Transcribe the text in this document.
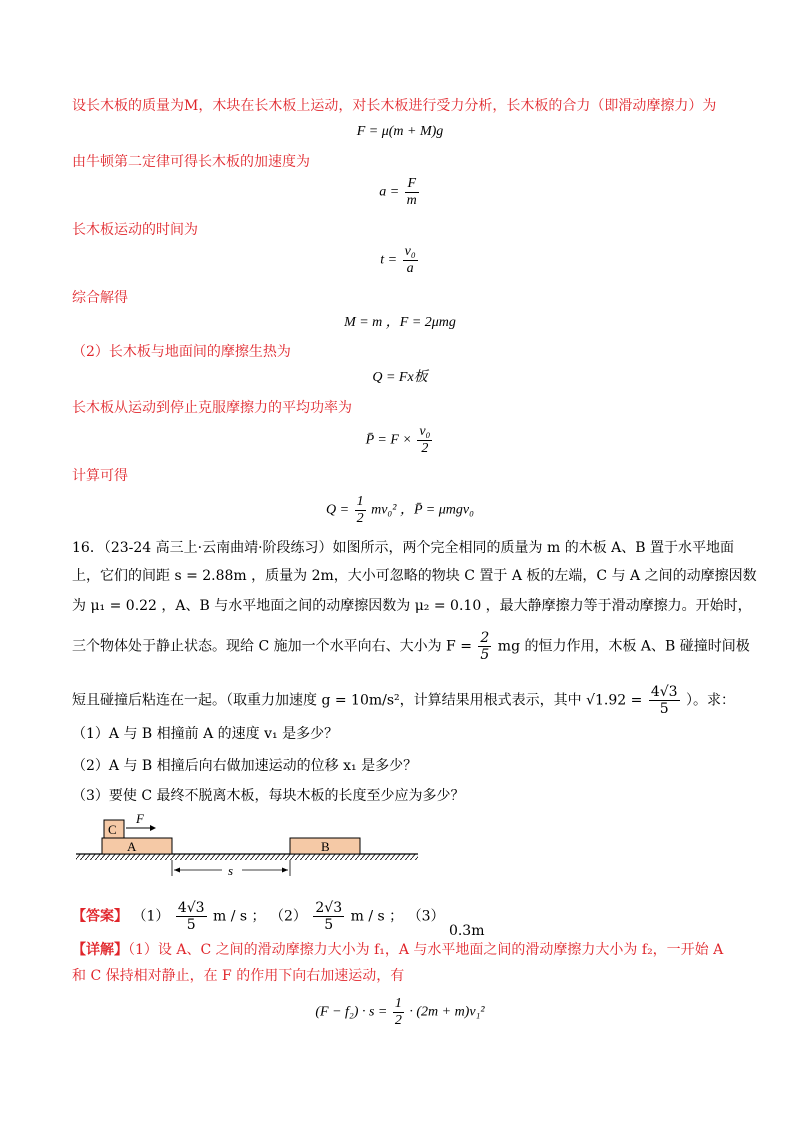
设长木板的质量为M，木块在长木板上运动，对长木板进行受力分析，长木板的合力（即滑动摩擦力）为
F = μ(m + M)g
由牛顿第二定律可得长木板的加速度为
$a = \frac{F}{m}$
长木板运动的时间为
$t = \frac{\text{v₀}}{a}$
综合解得
M = m ，F = 2μmg
（2）长木板与地面间的摩擦生热为
Q = Fx板
长木板从运动到停止克服摩擦力的平均功率为
P̄ = $F \times \frac{\text{v₀}}{2}$
计算可得
$Q = \frac{1}{2} mv_0^2$ ，P̄ = μmgv₀
16．（23-24 高三上·云南曲靖·阶段练习）如图所示，两个完全相同的质量为 m 的木板 A、B 置于水平地面
上，它们的间距 s = 2.88m ，质量为 2m，大小可忽略的物块 C 置于 A 板的左端，C 与 A 之间的动摩擦因数
为 μ₁ = 0.22 ，A、B 与水平地面之间的动摩擦因数为 μ₂ = 0.10 ，最大静摩擦力等于滑动摩擦力。开始时，
三个物体处于静止状态。现给 C 施加一个水平向右、大小为 $F = \frac{2}{5}$ mg 的恒力作用，木板 A、B 碰撞时间极
短且碰撞后粘连在一起。（取重力加速度 g = 10m/s²，计算结果用根式表示，其中 $√1.92 = \frac{4√3}{5}$ ）。求：
（1）A 与 B 相撞前 A 的速度 v₁ 是多少？
（2）A 与 B 相撞后向右做加速运动的位移 x₁ 是多少？
（3）要使 C 最终不脱离木板，每块木板的长度至少应为多少？
A
C
F
B
s
【答案】 $(1) \frac{4√3}{5}$ m / s ； $(2) \frac{2√3}{5}$ m / s ； （3） 0.3m
【详解】（1）设 A、C 之间的滑动摩擦力大小为 f₁，A 与水平地面之间的滑动摩擦力大小为 f₂，一开始 A
和 C 保持相对静止，在 F 的作用下向右加速运动，有
$(F - f_2) \cdot s = \frac{1}{2} \cdot (2m + m)v_1^2$
